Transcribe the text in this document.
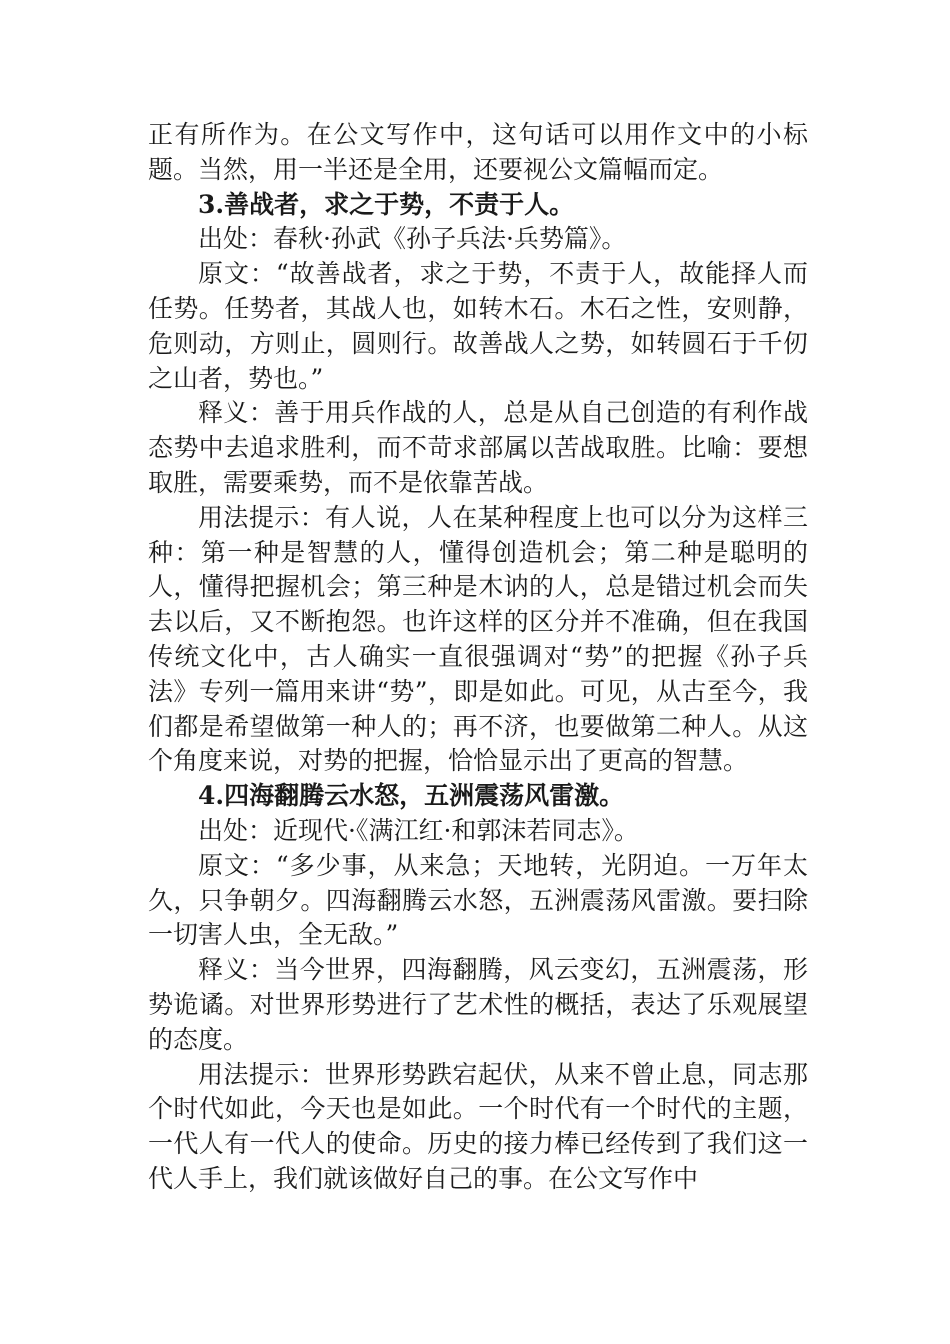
正有所作为。在公文写作中，这句话可以用作文中的小标题。当然，用一半还是全用，还要视公文篇幅而定。

3.善战者，求之于势，不责于人。

出处：春秋·孙武《孙子兵法·兵势篇》。

原文：“故善战者，求之于势，不责于人，故能择人而任势。任势者，其战人也，如转木石。木石之性，安则静，危则动，方则止，圆则行。故善战人之势，如转圆石于千仞之山者，势也。”

释义：善于用兵作战的人，总是从自己创造的有利作战态势中去追求胜利，而不苛求部属以苦战取胜。比喻：要想取胜，需要乘势，而不是依靠苦战。

用法提示：有人说，人在某种程度上也可以分为这样三种：第一种是智慧的人，懂得创造机会；第二种是聪明的人，懂得把握机会；第三种是木讷的人，总是错过机会而失去以后，又不断抱怨。也许这样的区分并不准确，但在我国传统文化中，古人确实一直很强调对“势”的把握《孙子兵法》专列一篇用来讲“势”，即是如此。可见，从古至今，我们都是希望做第一种人的；再不济，也要做第二种人。从这个角度来说，对势的把握，恰恰显示出了更高的智慧。

4.四海翻腾云水怒，五洲震荡风雷激。

出处：近现代·《满江红·和郭沫若同志》。

原文：“多少事，从来急；天地转，光阴迫。一万年太久，只争朝夕。四海翻腾云水怒，五洲震荡风雷激。要扫除一切害人虫，全无敌。”

释义：当今世界，四海翻腾，风云变幻，五洲震荡，形势诡谲。对世界形势进行了艺术性的概括，表达了乐观展望的态度。

用法提示：世界形势跌宕起伏，从来不曾止息，同志那个时代如此，今天也是如此。一个时代有一个时代的主题，一代人有一代人的使命。历史的接力棒已经传到了我们这一代人手上，我们就该做好自己的事。在公文写作中
